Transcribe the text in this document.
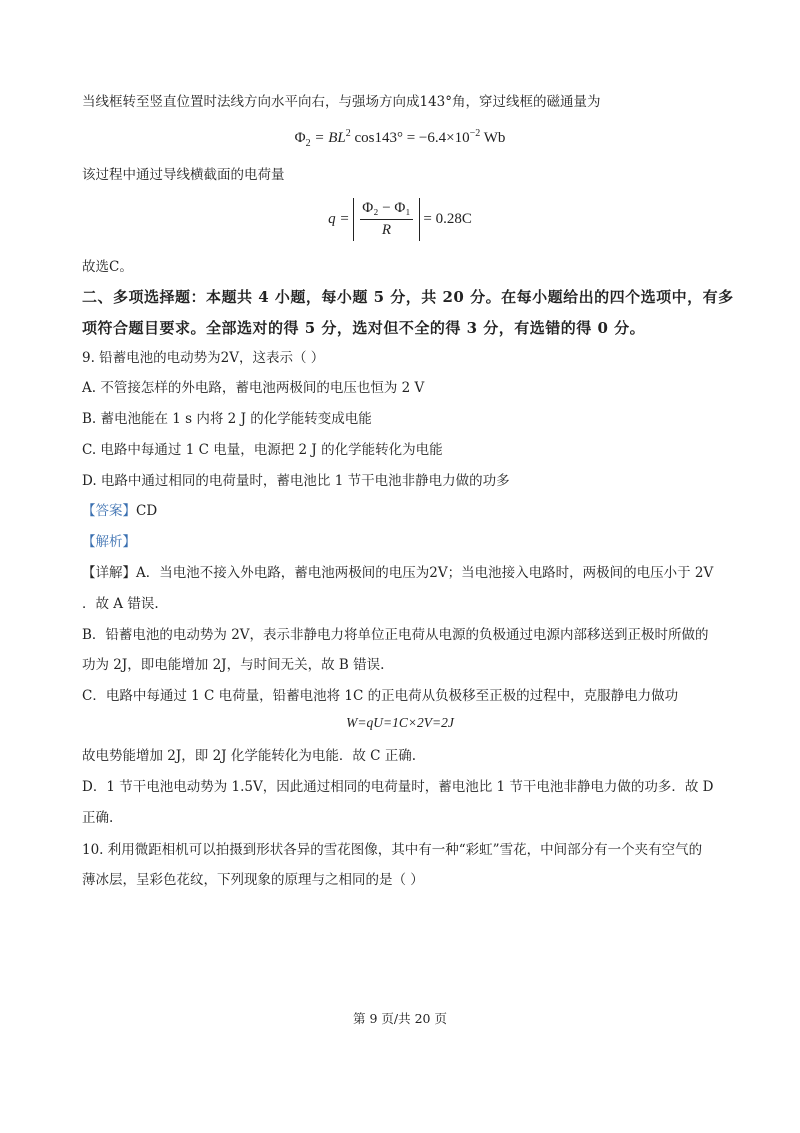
当线框转至竖直位置时法线方向水平向右，与强场方向成143°角，穿过线框的磁通量为
$\Phi_2 = BL^2$ $\cos 143^\circ = -6.4\times 10^{-2}$ Wb
该过程中通过导线横截面的电荷量
$q = \frac{\text{Φ₂ − Φ₁}}{R} = 0.28C$
故选C。
二、多项选择题：本题共 4 小题，每小题 5 分，共 20 分。在每小题给出的四个选项中，有多
项符合题目要求。全部选对的得 5 分，选对但不全的得 3 分，有选错的得 0 分。
9. 铅蓄电池的电动势为2V，这表示（ ）
A. 不管接怎样的外电路，蓄电池两极间的电压也恒为 2 V
B. 蓄电池能在 1 s 内将 2 J 的化学能转变成电能
C. 电路中每通过 1 C 电量，电源把 2 J 的化学能转化为电能
D. 电路中通过相同的电荷量时，蓄电池比 1 节干电池非静电力做的功多
【答案】CD
【解析】
【详解】A．当电池不接入外电路，蓄电池两极间的电压为2V；当电池接入电路时，两极间的电压小于 2V
．故 A 错误.
B．铅蓄电池的电动势为 2V，表示非静电力将单位正电荷从电源的负极通过电源内部移送到正极时所做的
功为 2J，即电能增加 2J，与时间无关，故 B 错误.
C．电路中每通过 1 C 电荷量，铅蓄电池将 1C 的正电荷从负极移至正极的过程中，克服静电力做功
W=qU=1C×2V=2J
故电势能增加 2J，即 2J 化学能转化为电能．故 C 正确.
D．1 节干电池电动势为 1.5V，因此通过相同的电荷量时，蓄电池比 1 节干电池非静电力做的功多．故 D
正确.
10. 利用微距相机可以拍摄到形状各异的雪花图像，其中有一种“彩虹”雪花，中间部分有一个夹有空气的
薄冰层，呈彩色花纹，下列现象的原理与之相同的是（ ）
第 9 页/共 20 页
